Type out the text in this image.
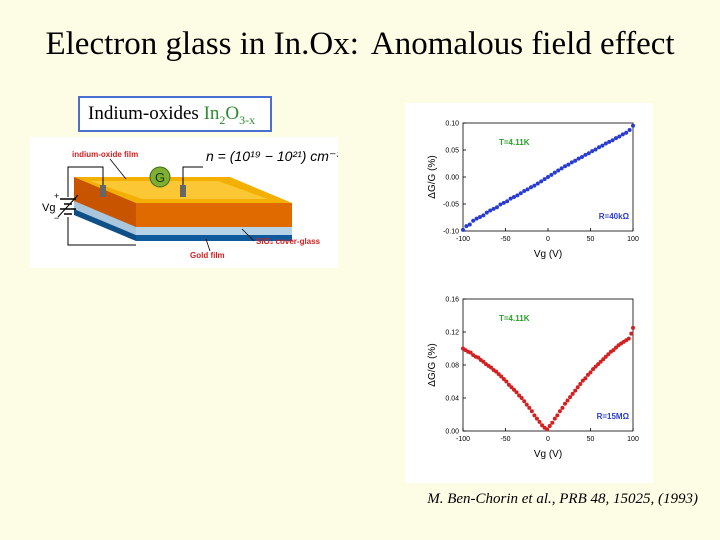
Electron glass in In.Ox: Anomalous field effect
Indium-oxides $In_2O_{3-x}$
G
+
−
Vg
indium-oxide film	n = (10¹⁹ − 10²¹) cm⁻³
SiO₂ cover-glass
Gold film
-100	-50	0	50	100
0.10
0.05
0.00
-0.05
-0.10
Vg (V)
ΔG/G (%)
T=4.11K
R=40kΩ
-100	-50	0	50	100
0.16
0.12
0.08
0.04
0.00
Vg (V)
ΔG/G (%)
T=4.11K
R=15MΩ
M. Ben-Chorin et al., PRB 48, 15025, (1993)
